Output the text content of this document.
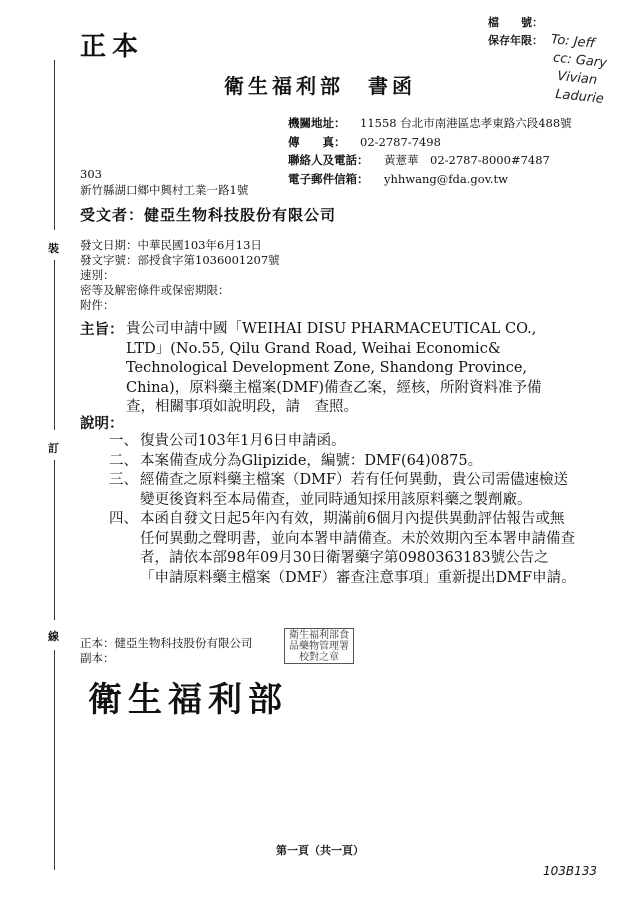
正本
檔　　號：
保存年限： To: Jeff
cc: Gary
Vivian
Ladurie
衛生福利部　書函
機關地址： 11558 台北市南港區忠孝東路六段488號
傳　　真： 02-2787-7498
聯絡人及電話： 黃薏華　02-2787-8000#7487
電子郵件信箱： yhhwang@fda.gov.tw
303
新竹縣湖口鄉中興村工業一路1號
受文者：健亞生物科技股份有限公司
發文日期：中華民國103年6月13日
發文字號：部授食字第1036001207號
速別：
密等及解密條件或保密期限：
附件：
主旨： 貴公司申請中國「WEIHAI DISU PHARMACEUTICAL CO., LTD」(No.55, Qilu Grand Road, Weihai Economic& Technological Development Zone, Shandong Province, China)，原料藥主檔案(DMF)備查乙案，經核，所附資料准予備查，相關事項如說明段，請　查照。
說明：
一、 復貴公司103年1月6日申請函。
二、 本案備查成分為Glipizide，編號：DMF(64)0875。
三、 經備查之原料藥主檔案（DMF）若有任何異動，貴公司需儘速檢送變更後資料至本局備查，並同時通知採用該原料藥之製劑廠。
四、 本函自發文日起5年內有效，期滿前6個月內提供異動評估報告或無任何異動之聲明書，並向本署申請備查。未於效期內至本署申請備查者，請依本部98年09月30日衛署藥字第0980363183號公告之「申請原料藥主檔案（DMF）審查注意事項」重新提出DMF申請。
正本：健亞生物科技股份有限公司
副本：
衛生福利部食品藥物管理署校對之章
衛生福利部
第一頁（共一頁）
103B133
裝
訂
線
